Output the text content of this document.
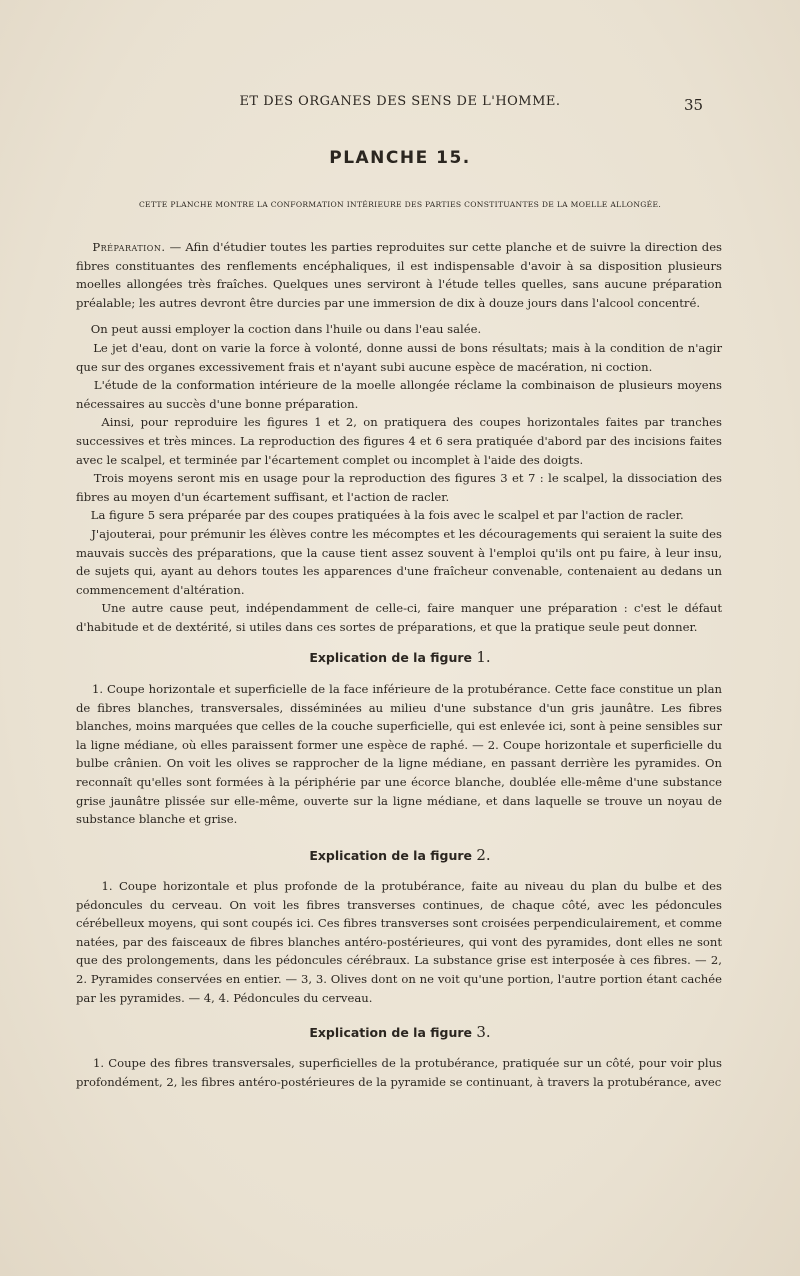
ET DES ORGANES DES SENS DE L'HOMME.	35
PLANCHE 15.
CETTE PLANCHE MONTRE LA CONFORMATION INTÉRIEURE DES PARTIES CONSTITUANTES DE LA MOELLE ALLONGÉE.

Préparation. — Afin d'étudier toutes les parties reproduites sur cette planche et de suivre la direction des fibres constituantes des renflements encéphaliques, il est indispensable d'avoir à sa disposition plusieurs moelles allongées très fraîches. Quelques unes serviront à l'étude telles quelles, sans aucune préparation préalable; les autres devront être durcies par une immersion de dix à douze jours dans l'alcool concentré.

On peut aussi employer la coction dans l'huile ou dans l'eau salée.

Le jet d'eau, dont on varie la force à volonté, donne aussi de bons résultats; mais à la condition de n'agir que sur des organes excessivement frais et n'ayant subi aucune espèce de macération, ni coction.

L'étude de la conformation intérieure de la moelle allongée réclame la combinaison de plusieurs moyens nécessaires au succès d'une bonne préparation.

Ainsi, pour reproduire les figures 1 et 2, on pratiquera des coupes horizontales faites par tranches successives et très minces. La reproduction des figures 4 et 6 sera pratiquée d'abord par des incisions faites avec le scalpel, et terminée par l'écartement complet ou incomplet à l'aide des doigts.

Trois moyens seront mis en usage pour la reproduction des figures 3 et 7 : le scalpel, la dissociation des fibres au moyen d'un écartement suffisant, et l'action de racler.

La figure 5 sera préparée par des coupes pratiquées à la fois avec le scalpel et par l'action de racler.

J'ajouterai, pour prémunir les élèves contre les mécomptes et les découragements qui seraient la suite des mauvais succès des préparations, que la cause tient assez souvent à l'emploi qu'ils ont pu faire, à leur insu, de sujets qui, ayant au dehors toutes les apparences d'une fraîcheur convenable, contenaient au dedans un commencement d'altération.

Une autre cause peut, indépendamment de celle-ci, faire manquer une préparation : c'est le défaut d'habitude et de dextérité, si utiles dans ces sortes de préparations, et que la pratique seule peut donner.

Explication de la figure 1.

1. Coupe horizontale et superficielle de la face inférieure de la protubérance. Cette face constitue un plan de fibres blanches, transversales, disséminées au milieu d'une substance d'un gris jaunâtre. Les fibres blanches, moins marquées que celles de la couche superficielle, qui est enlevée ici, sont à peine sensibles sur la ligne médiane, où elles paraissent former une espèce de raphé. — 2. Coupe horizontale et superficielle du bulbe crânien. On voit les olives se rapprocher de la ligne médiane, en passant derrière les pyramides. On reconnaît qu'elles sont formées à la périphérie par une écorce blanche, doublée elle-même d'une substance grise jaunâtre plissée sur elle-même, ouverte sur la ligne médiane, et dans laquelle se trouve un noyau de substance blanche et grise.

Explication de la figure 2.

1. Coupe horizontale et plus profonde de la protubérance, faite au niveau du plan du bulbe et des pédoncules du cerveau. On voit les fibres transverses continues, de chaque côté, avec les pédoncules cérébelleux moyens, qui sont coupés ici. Ces fibres transverses sont croisées perpendiculairement, et comme natées, par des faisceaux de fibres blanches antéro-postérieures, qui vont des pyramides, dont elles ne sont que des prolongements, dans les pédoncules cérébraux. La substance grise est interposée à ces fibres. — 2, 2. Pyramides conservées en entier. — 3, 3. Olives dont on ne voit qu'une portion, l'autre portion étant cachée par les pyramides. — 4, 4. Pédoncules du cerveau.

Explication de la figure 3.

1. Coupe des fibres transversales, superficielles de la protubérance, pratiquée sur un côté, pour voir plus profondément, 2, les fibres antéro-postérieures de la pyramide se continuant, à travers la protubérance, avec
